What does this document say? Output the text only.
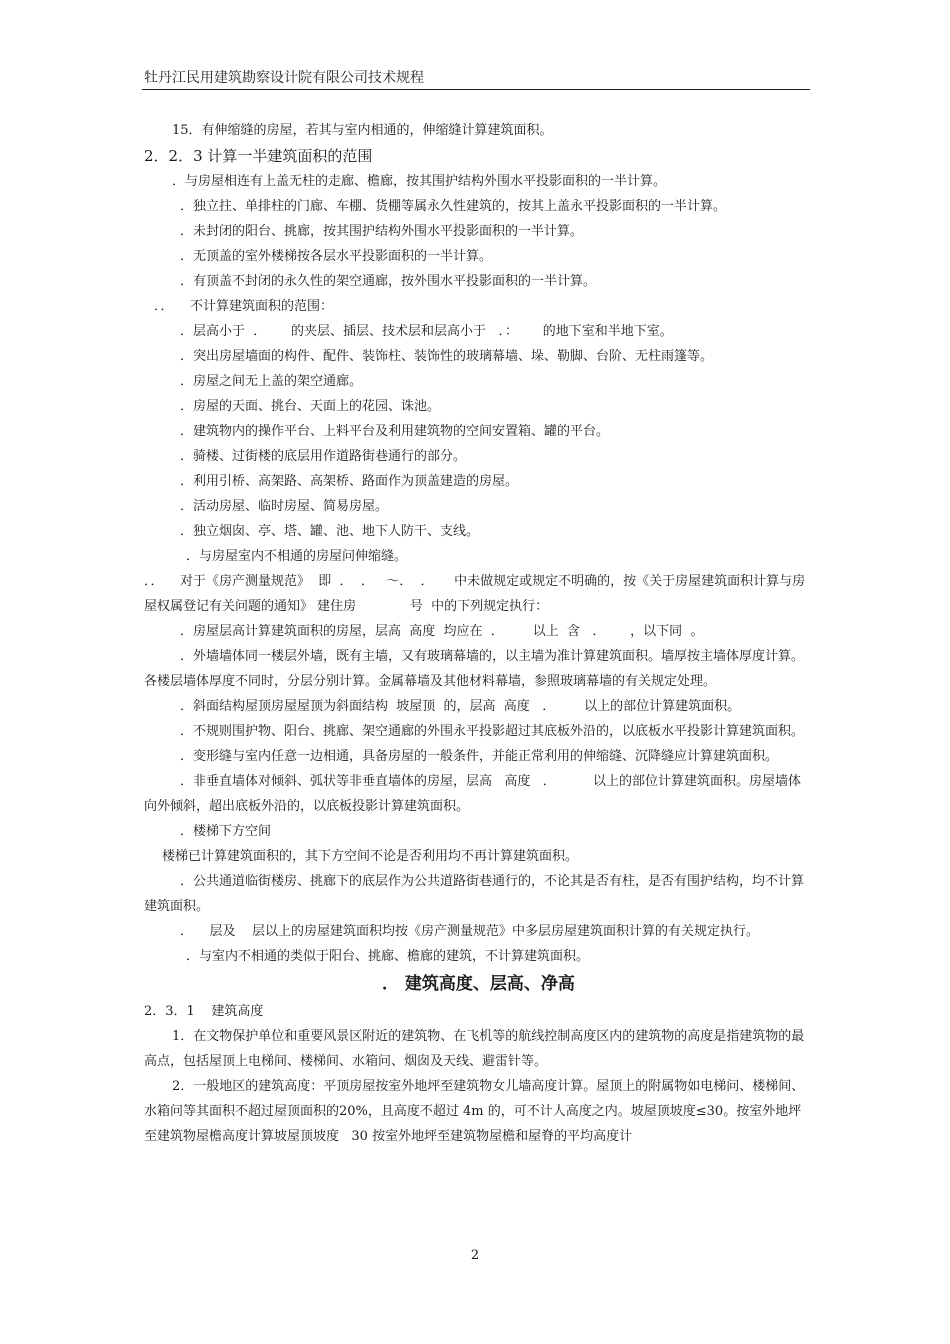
牡丹江民用建筑勘察设计院有限公司技术规程

15．有伸缩缝的房屋，若其与室内相通的，伸缩缝计算建筑面积。

2．2．3 计算一半建筑面积的范围

．与房屋相连有上盖无柱的走廊、檐廊，按其围护结构外围水平投影面积的一半计算。

．独立拄、单排柱的门廊、车棚、货棚等属永久性建筑的，按其上盖永平投影面积的一半计算。

．未封闭的阳台、挑廊，按其围护结构外围水平投影面积的一半计算。

．无顶盖的室外楼梯按各层水平投影面积的一半计算。

．有顶盖不封闭的永久性的架空通廊，按外围水平投影面积的一半计算。

．．    不计算建筑面积的范围：

．层高小于  ．      的夹层、插层、技术层和层高小于   ．：      的地下室和半地下室。

．突出房屋墙面的构件、配件、装饰柱、装饰性的玻璃幕墙、垛、勒脚、台阶、无柱雨篷等。

．房屋之间无上盖的架空通廊。

．房屋的天面、挑台、天面上的花园、诛池。

．建筑物内的操作平台、上料平台及利用建筑物的空间安置箱、罐的平台。

．骑楼、过街楼的底层用作道路街巷通行的部分。

．利用引桥、高架路、高架桥、路面作为顶盖建造的房屋。

．活动房屋、临时房屋、简易房屋。

．独立烟囱、亭、塔、罐、池、地下人防干、支线。

．与房屋室内不相通的房屋问伸缩缝。

．．    对于《房产测量规范》  即  ．  ．   ～．  ．     中未做规定或规定不明确的，按《关于房屋建筑面积计算与房屋权属登记有关问题的通知》 建住房             号  中的下列规定执行：

．房屋层高计算建筑面积的房屋，层高  高度  均应在  ．       以上  含   ．      ，以下同  。

．外墙墙体同一楼层外墙，既有主墙，又有玻璃幕墙的，以主墙为准计算建筑面积。墙厚按主墙体厚度计算。各楼层墙体厚度不同时，分层分别计算。金属幕墙及其他材料幕墙，参照玻璃幕墙的有关规定处理。

．斜面结构屋顶房屋屋顶为斜面结构  坡屋顶  的，层高  高度   ．       以上的部位计算建筑面积。

．不规则围护物、阳台、挑廊、架空通廊的外围永平投影超过其底板外沿的，以底板水平投影计算建筑面积。

．变形缝与室内任意一边相通，具备房屋的一般条件，并能正常利用的伸缩缝、沉降缝应计算建筑面积。

．非垂直墙体对倾斜、弧状等非垂直墙体的房屋，层高   高度   ．         以上的部位计算建筑面积。房屋墙体向外倾斜，超出底板外沿的，以底板投影计算建筑面积。

．楼梯下方空间

楼梯已计算建筑面积的，其下方空间不论是否利用均不再计算建筑面积。

．公共通道临街楼房、挑廊下的底层作为公共道路街巷通行的，不论其是否有柱，是否有围护结构，均不计算建筑面积。

．    层及    层以上的房屋建筑面积均按《房产测量规范》中多层房屋建筑面积计算的有关规定执行。

．与室内不相通的类似于阳台、挑廊、檐廊的建筑，不计算建筑面积。

． 建筑高度、层高、净高

2．3．1    建筑高度

1．在文物保护单位和重要风景区附近的建筑物、在飞机等的航线控制高度区内的建筑物的高度是指建筑物的最高点，包括屋顶上电梯间、楼梯间、水箱问、烟囱及天线、避雷针等。

2．一般地区的建筑高度：平顶房屋按室外地坪至建筑物女儿墙高度计算。屋顶上的附属物如电梯问、楼梯间、水箱问等其面积不超过屋顶面积的20%，且高度不超过 4m 的，可不计人高度之内。坡屋顶坡度≤30。按室外地坪至建筑物屋檐高度计算坡屋顶坡度   30 按室外地坪至建筑物屋檐和屋脊的平均高度计

2
